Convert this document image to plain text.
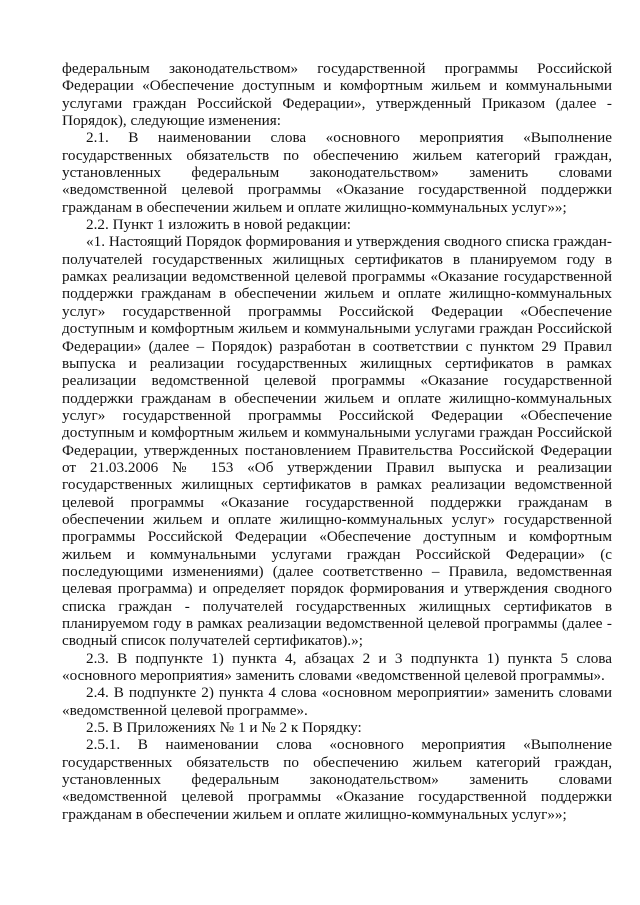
федеральным законодательством» государственной программы Российской Федерации «Обеспечение доступным и комфортным жильем и коммунальными услугами граждан Российской Федерации», утвержденный Приказом (далее - Порядок), следующие изменения:

2.1. В наименовании слова «основного мероприятия «Выполнение государственных обязательств по обеспечению жильем категорий граждан, установленных федеральным законодательством» заменить словами «ведомственной целевой программы «Оказание государственной поддержки гражданам в обеспечении жильем и оплате жилищно-коммунальных услуг»»;

2.2. Пункт 1 изложить в новой редакции:

«1. Настоящий Порядок формирования и утверждения сводного списка граждан-получателей государственных жилищных сертификатов в планируемом году в рамках реализации ведомственной целевой программы «Оказание государственной поддержки гражданам в обеспечении жильем и оплате жилищно-коммунальных услуг» государственной программы Российской Федерации «Обеспечение доступным и комфортным жильем и коммунальными услугами граждан Российской Федерации» (далее – Порядок) разработан в соответствии с пунктом 29 Правил выпуска и реализации государственных жилищных сертификатов в рамках реализации ведомственной целевой программы «Оказание государственной поддержки гражданам в обеспечении жильем и оплате жилищно-коммунальных услуг» государственной программы Российской Федерации «Обеспечение доступным и комфортным жильем и коммунальными услугами граждан Российской Федерации, утвержденных постановлением Правительства Российской Федерации от 21.03.2006 № 153 «Об утверждении Правил выпуска и реализации государственных жилищных сертификатов в рамках реализации ведомственной целевой программы «Оказание государственной поддержки гражданам в обеспечении жильем и оплате жилищно-коммунальных услуг» государственной программы Российской Федерации «Обеспечение доступным и комфортным жильем и коммунальными услугами граждан Российской Федерации» (с последующими изменениями) (далее соответственно – Правила, ведомственная целевая программа) и определяет порядок формирования и утверждения сводного списка граждан - получателей государственных жилищных сертификатов в планируемом году в рамках реализации ведомственной целевой программы (далее - сводный список получателей сертификатов).»;

2.3. В подпункте 1) пункта 4, абзацах 2 и 3 подпункта 1) пункта 5 слова «основного мероприятия» заменить словами «ведомственной целевой программы».

2.4. В подпункте 2) пункта 4 слова «основном мероприятии» заменить словами «ведомственной целевой программе».

2.5. В Приложениях № 1 и № 2 к Порядку:

2.5.1. В наименовании слова «основного мероприятия «Выполнение государственных обязательств по обеспечению жильем категорий граждан, установленных федеральным законодательством» заменить словами «ведомственной целевой программы «Оказание государственной поддержки гражданам в обеспечении жильем и оплате жилищно-коммунальных услуг»»;
